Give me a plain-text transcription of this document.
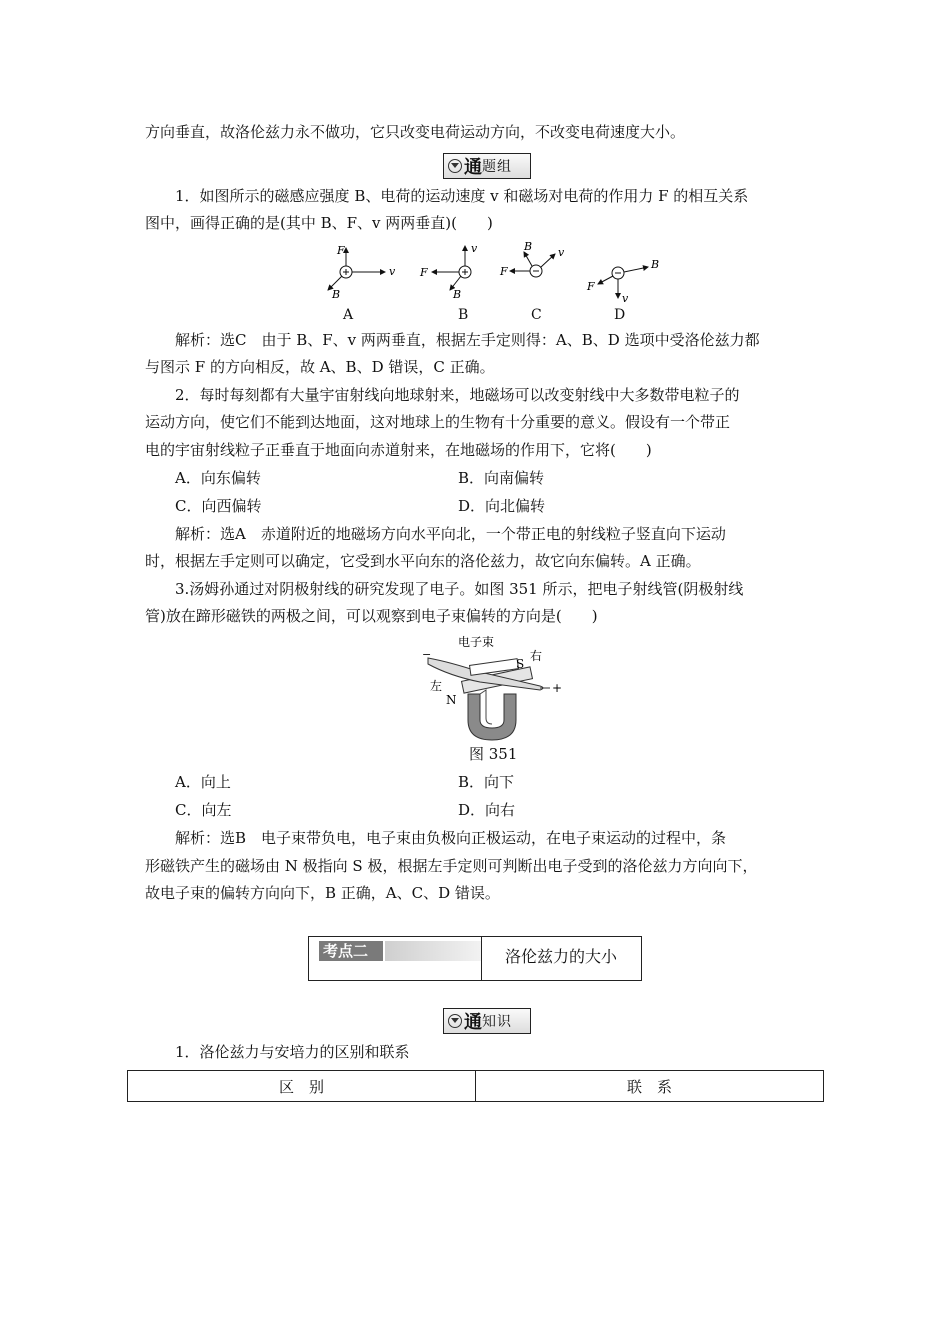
方向垂直，故洛伦兹力永不做功，它只改变电荷运动方向，不改变电荷速度大小。
通 题组
1．如图所示的磁感应强度 B、电荷的运动速度 v 和磁场对电荷的作用力 F 的相互关系
图中，画得正确的是(其中 B、F、v 两两垂直)(　　)
F
v
B
v
F
B
B v
F
B
F
v
A	B	C	D
解析：选C　由于 B、F、v 两两垂直，根据左手定则得：A、B、D 选项中受洛伦兹力都
与图示 F 的方向相反，故 A、B、D 错误，C 正确。
2．每时每刻都有大量宇宙射线向地球射来，地磁场可以改变射线中大多数带电粒子的
运动方向，使它们不能到达地面，这对地球上的生物有十分重要的意义。假设有一个带正
电的宇宙射线粒子正垂直于地面向赤道射来，在地磁场的作用下，它将(　　)
A．向东偏转	B．向南偏转
C．向西偏转	D．向北偏转
解析：选A　赤道附近的地磁场方向水平向北，一个带正电的射线粒子竖直向下运动
时，根据左手定则可以确定，它受到水平向东的洛伦兹力，故它向东偏转。A 正确。
3.汤姆孙通过对阴极射线的研究发现了电子。如图 351 所示，把电子射线管(阴极射线
管)放在蹄形磁铁的两极之间，可以观察到电子束偏转的方向是(　　)
−
电子束
S
右
左
N
+
图 351
A．向上	B．向下
C．向左	D．向右
解析：选B　电子束带负电，电子束由负极向正极运动，在电子束运动的过程中，条
形磁铁产生的磁场由 N 极指向 S 极，根据左手定则可判断出电子受到的洛伦兹力方向向下，
故电子束的偏转方向向下，B 正确，A、C、D 错误。
考点二	洛伦兹力的大小
通 知识
1．洛伦兹力与安培力的区别和联系
区　别	联　系
